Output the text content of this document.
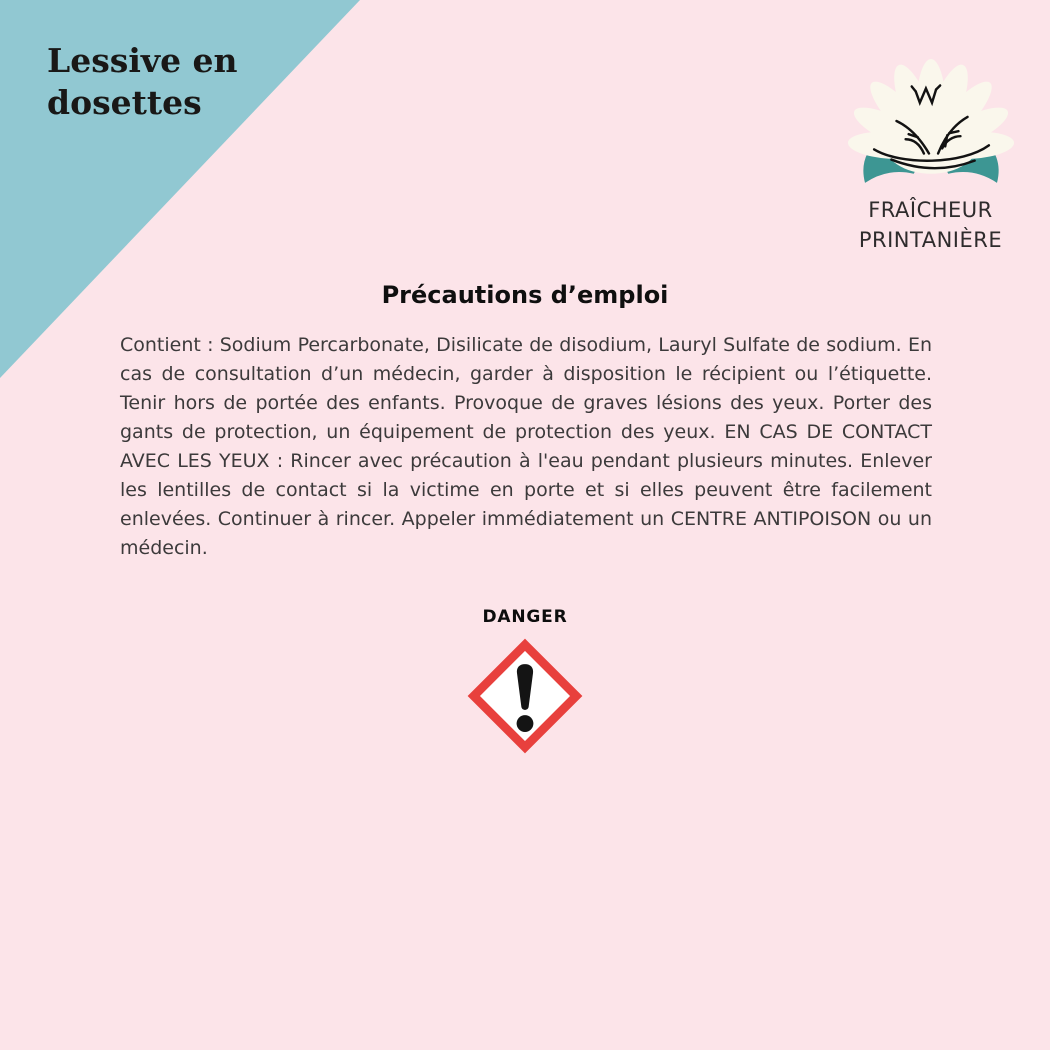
Lessive en dosettes
FRAÎCHEUR
PRINTANIÈRE
Précautions d’emploi

Contient : Sodium Percarbonate, Disilicate de disodium, Lauryl Sulfate de sodium. En cas de consultation d’un médecin, garder à disposition le récipient ou l’étiquette. Tenir hors de portée des enfants. Provoque de graves lésions des yeux. Porter des gants de protection, un équipement de protection des yeux. EN CAS DE CONTACT AVEC LES YEUX : Rincer avec précaution à l'eau pendant plusieurs minutes. Enlever les lentilles de contact si la victime en porte et si elles peuvent être facilement enlevées. Continuer à rincer. Appeler immédiatement un CENTRE ANTIPOISON ou un médecin.

DANGER
